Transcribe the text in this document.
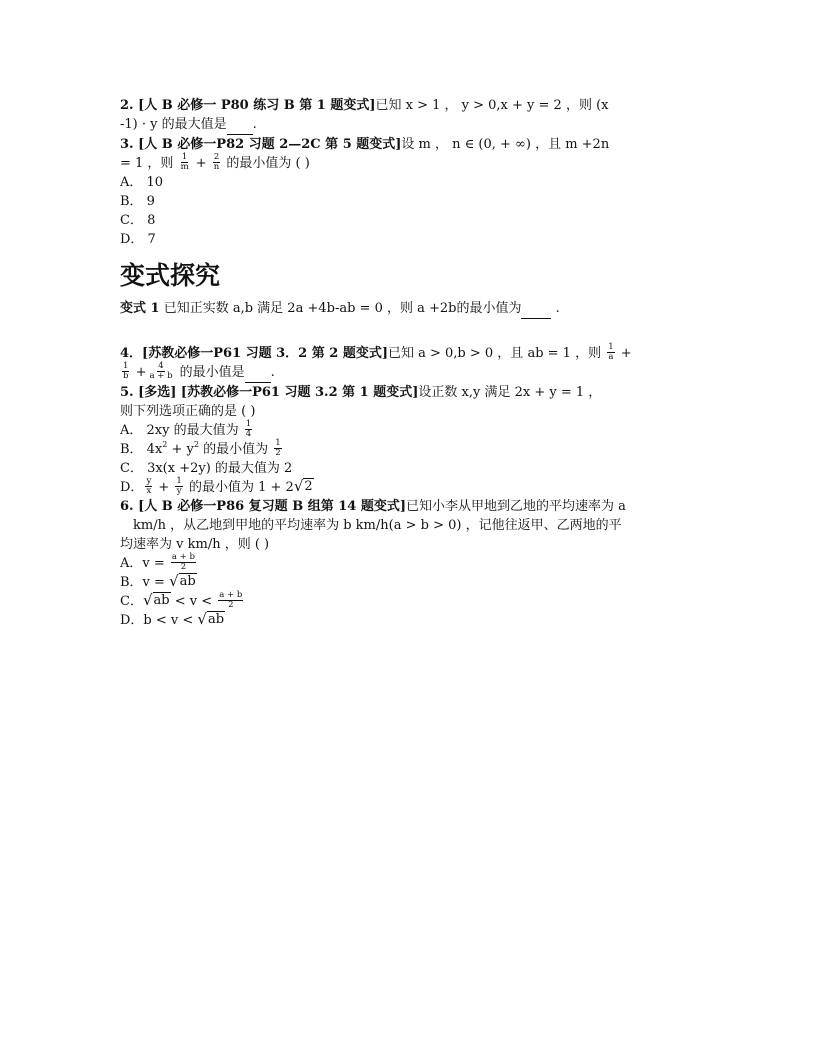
2. [人 B 必修一 P80 练习 B 第 1 题变式]已知 x > 1 ， y > 0,x + y = 2 ，则 (x
-1) · y 的最大值是 .
3. [人 B 必修一P82 习题 2—2C 第 5 题变式]设 m ， n ∈ (0, + ∞) ，且 m +2n
= 1 ，则 $\frac{1}{m} + \frac{2}{n}$ 的最小值为 ( )
A． 10
B． 9
C． 8
D． 7
变式探究
变式 1 已知正实数 a,b 满足 2a +4b-ab = 0 ，则 a +2b的最小值为  .
4．[苏教必修一P61 习题 3．2 第 2 题变式]已知 a > 0,b > 0 ，且 ab = 1 ，则 $\frac{1}{a}$ +
$\frac{1}{b} + \frac{4}{a + b}$ 的最小值是 .
5. [多选] [苏教必修一P61 习题 3.2 第 1 题变式]设正数 x,y 满足 2x + y = 1 ，
则下列选项正确的是 ( )
A． 2xy 的最大值为 $\frac{1}{4}$
B． $4x^2 + y^2$ 的最小值为 $\frac{1}{2}$
C． 3x(x +2y) 的最大值为 2
D． $\frac{y}{x} + \frac{1}{y}$ 的最小值为 1 + 2 √ 2
6. [人 B 必修一P86 复习题 B 组第 14 题变式]已知小李从甲地到乙地的平均速率为 a
km/h ，从乙地到甲地的平均速率为 b km/h(a > b > 0) ，记他往返甲、乙两地的平
均速率为 v km/h ，则 ( )
A．$v = \frac{a + b}{2}$
B．v = √ ab
C． √ ab < $v < \frac{a + b}{2}$
D．b < v < √ ab
